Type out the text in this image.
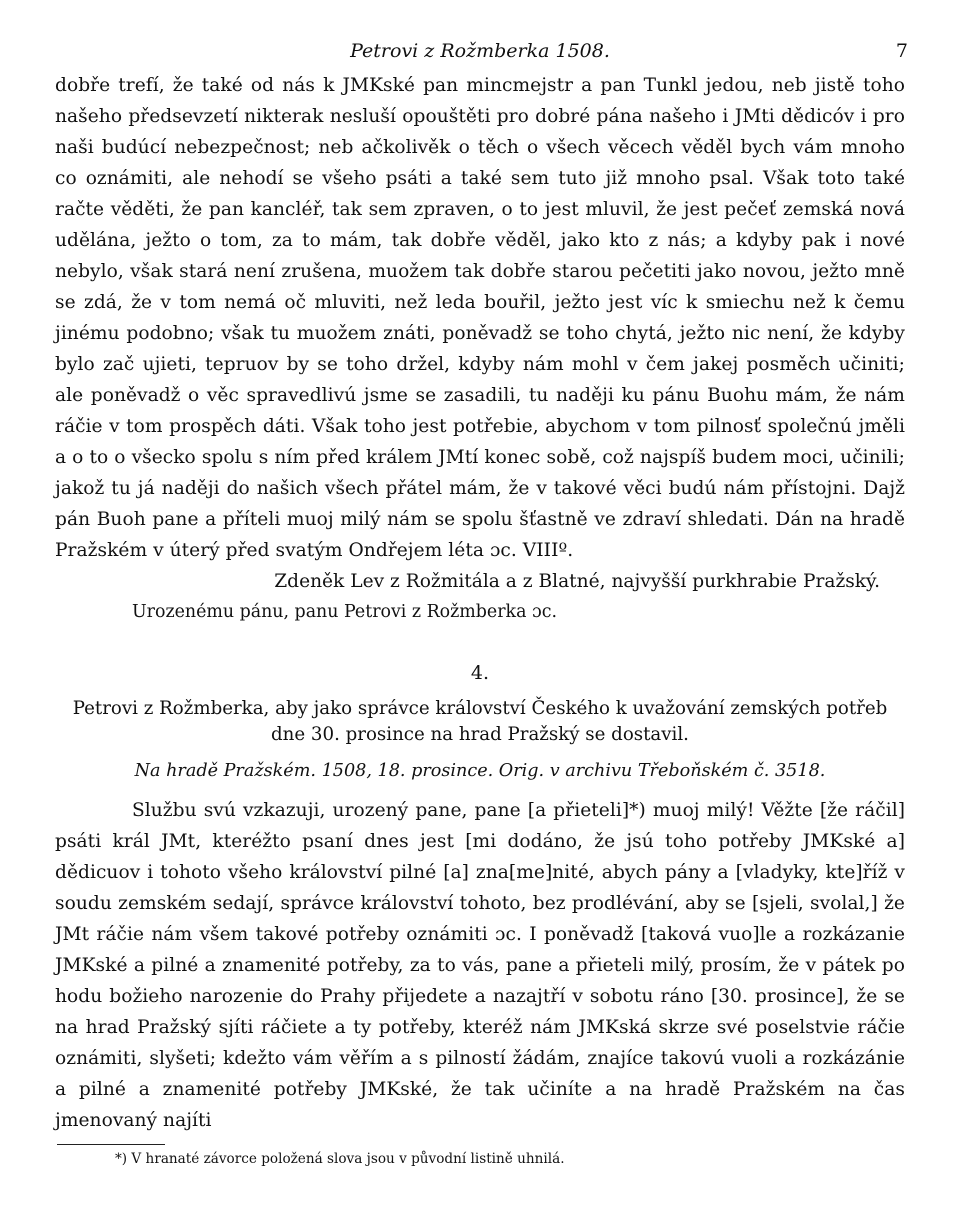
Petrovi z Rožmberka 1508.	7

dobře trefí, že také od nás k JMKské pan mincmejstr a pan Tunkl jedou, neb jistě toho našeho předsevzetí nikterak nesluší opouštěti pro dobré pána našeho i JMti dědicóv i pro naši budúcí nebezpečnost; neb ačkolivěk o těch o všech věcech věděl bych vám mnoho co oznámiti, ale nehodí se všeho psáti a také sem tuto již mnoho psal. Však toto také račte věděti, že pan kancléř, tak sem zpraven, o to jest mluvil, že jest pečeť zemská nová udělána, ježto o tom, za to mám, tak dobře věděl, jako kto z nás; a kdyby pak i nové nebylo, však stará není zrušena, muožem tak dobře starou pečetiti jako novou, ježto mně se zdá, že v tom nemá oč mluviti, než leda bouřil, ježto jest víc k smiechu než k čemu jinému podobno; však tu muožem znáti, poněvadž se toho chytá, ježto nic není, že kdyby bylo zač ujieti, tepruov by se toho držel, kdyby nám mohl v čem jakej posměch učiniti; ale poněvadž o věc spravedlivú jsme se zasadili, tu naději ku pánu Buohu mám, že nám ráčie v tom prospěch dáti. Však toho jest potřebie, abychom v tom pilnosť společnú jměli a o to o všecko spolu s ním před králem JMtí konec sobě, což najspíš budem moci, učinili; jakož tu já naději do našich všech přátel mám, že v takové věci budú nám přístojni. Dajž pán Buoh pane a příteli muoj milý nám se spolu šťastně ve zdraví shledati. Dán na hradě Pražském v úterý před svatým Ondřejem léta ɔc. VIIIº.

Zdeněk Lev z Rožmitála a z Blatné, najvyšší purkhrabie Pražský.

Urozenému pánu, panu Petrovi z Rožmberka ɔc.

4.

Petrovi z Rožmberka, aby jako správce království Českého k uvažování zemských potřeb dne 30. prosince na hrad Pražský se dostavil.

Na hradě Pražském. 1508, 18. prosince. Orig. v archivu Třeboňském č. 3518.

Službu svú vzkazuji, urozený pane, pane [a přieteli]*) muoj milý! Věžte [že ráčil] psáti král JMt, kteréžto psaní dnes jest [mi dodáno, že jsú toho potřeby JMKské a] dědicuov i tohoto všeho království pilné [a] zna[me]nité, abych pány a [vladyky, kte]říž v soudu zemském sedají, správce království tohoto, bez prodlévání, aby se [sjeli, svolal,] že JMt ráčie nám všem takové potřeby oznámiti ɔc. I poněvadž [taková vuo]le a rozkázanie JMKské a pilné a znamenité potřeby, za to vás, pane a přieteli milý, prosím, že v pátek po hodu božieho narozenie do Prahy přijedete a nazajtří v sobotu ráno [30. prosince], že se na hrad Pražský sjíti ráčiete a ty potřeby, kteréž nám JMKská skrze své poselstvie ráčie oznámiti, slyšeti; kdežto vám věřím a s pilností žádám, znajíce takovú vuoli a rozkázánie a pilné a znamenité potřeby JMKské, že tak učiníte a na hradě Pražském na čas jmenovaný najíti

*) V hranaté závorce položená slova jsou v původní listině uhnilá.
